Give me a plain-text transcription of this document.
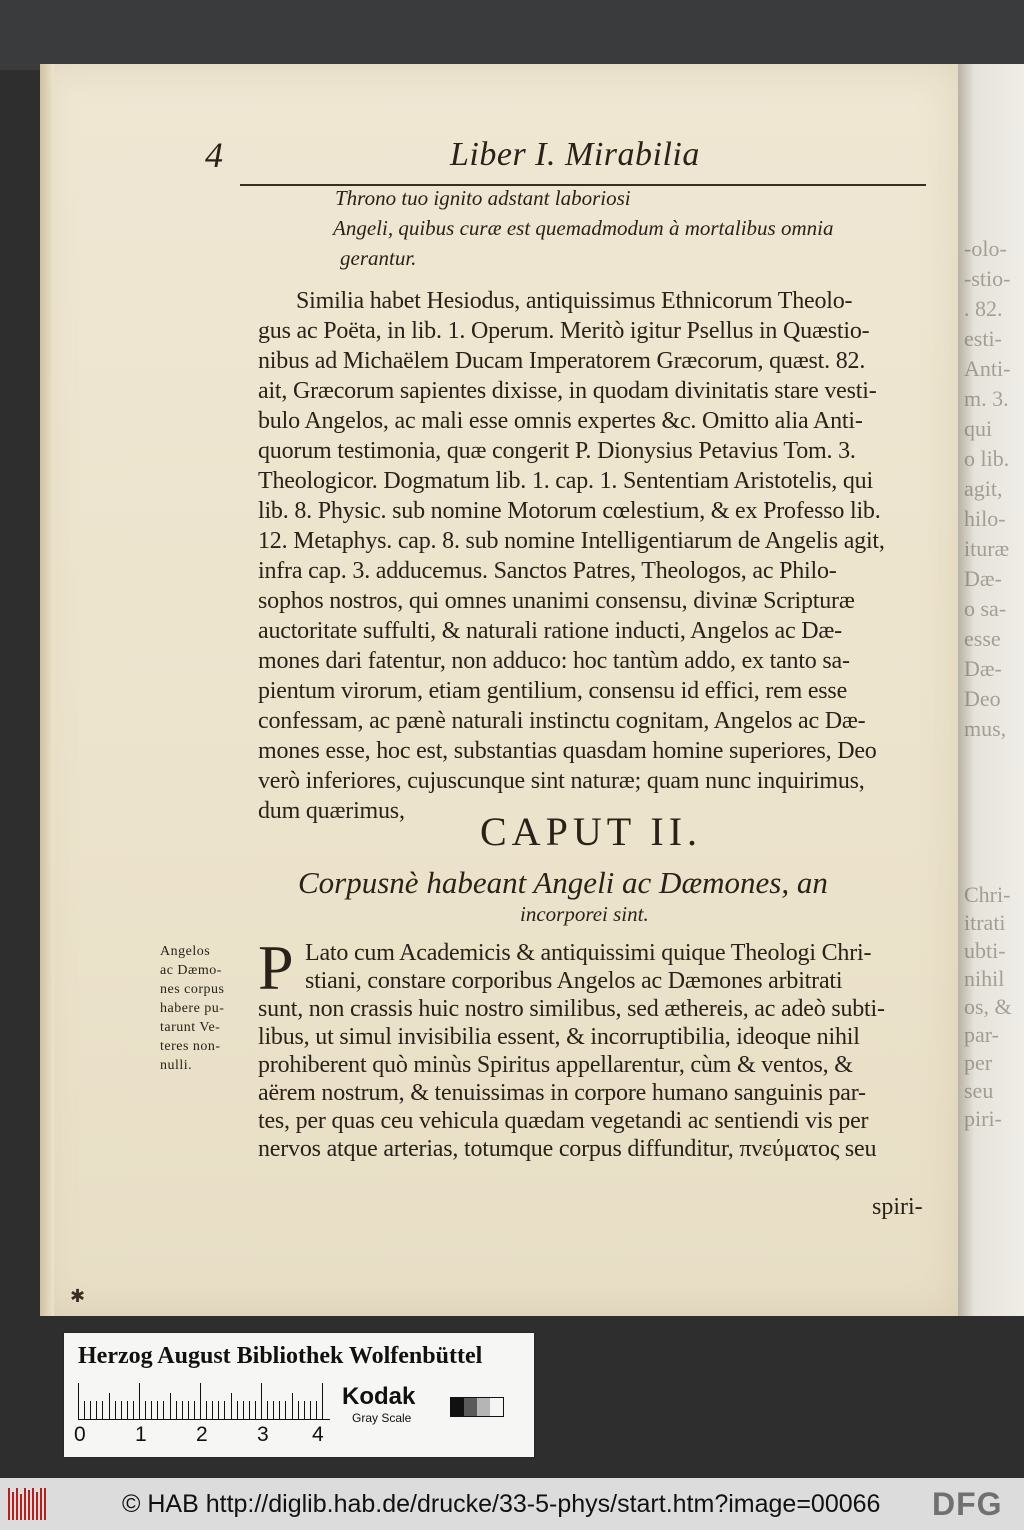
-olo-
-stio-
. 82.
esti-
Anti-
m. 3.
qui
o lib.
agit,
hilo-
ituræ
Dæ-
o sa-
esse
Dæ-
Deo
mus,
Chri-
itrati
ubti-
nihil
os, &
par-
per
seu
piri-
4	Liber I. Mirabilia
Throno tuo ignito adstant laboriosi
Angeli, quibus curæ est quemadmodum à mortalibus omnia
gerantur.
Similia habet Hesiodus, antiquissimus Ethnicorum Theolo-
gus ac Poëta, in lib. 1. Operum. Meritò igitur Psellus in Quæstio-
nibus ad Michaëlem Ducam Imperatorem Græcorum, quæst. 82.
ait, Græcorum sapientes dixisse, in quodam divinitatis stare vesti-
bulo Angelos, ac mali esse omnis expertes &c. Omitto alia Anti-
quorum testimonia, quæ congerit P. Dionysius Petavius Tom. 3.
Theologicor. Dogmatum lib. 1. cap. 1. Sententiam Aristotelis, qui
lib. 8. Physic. sub nomine Motorum cœlestium, & ex Professo lib.
12. Metaphys. cap. 8. sub nomine Intelligentiarum de Angelis agit,
infra cap. 3. adducemus. Sanctos Patres, Theologos, ac Philo-
sophos nostros, qui omnes unanimi consensu, divinæ Scripturæ
auctoritate suffulti, & naturali ratione inducti, Angelos ac Dæ-
mones dari fatentur, non adduco: hoc tantùm addo, ex tanto sa-
pientum virorum, etiam gentilium, consensu id effici, rem esse
confessam, ac pænè naturali instinctu cognitam, Angelos ac Dæ-
mones esse, hoc est, substantias quasdam homine superiores, Deo
verò inferiores, cujuscunque sint naturæ; quam nunc inquirimus,
dum quærimus, CAPUT II.
Corpusnè habeant Angeli ac Dæmones, an
incorporei sint.
P Lato cum Academicis & antiquissimi quique Theologi Chri-
stiani, constare corporibus Angelos ac Dæmones arbitrati
sunt, non crassis huic nostro similibus, sed æthereis, ac adeò subti-
libus, ut simul invisibilia essent, & incorruptibilia, ideoque nihil
prohiberent quò minùs Spiritus appellarentur, cùm & ventos, &
aërem nostrum, & tenuissimas in corpore humano sanguinis par-
tes, per quas ceu vehicula quædam vegetandi ac sentiendi vis per
nervos atque arterias, totumque corpus diffunditur, πνεύματος seu
spiri-
Angelos
ac Dæmo-
nes corpus
habere pu-
tarunt Ve-
teres non-
nulli.
✱
Herzog August Bibliothek Wolfenbüttel
0 1 2 3 4
Kodak
Gray Scale
© HAB http://diglib.hab.de/drucke/33-5-phys/start.htm?image=00066 DFG
